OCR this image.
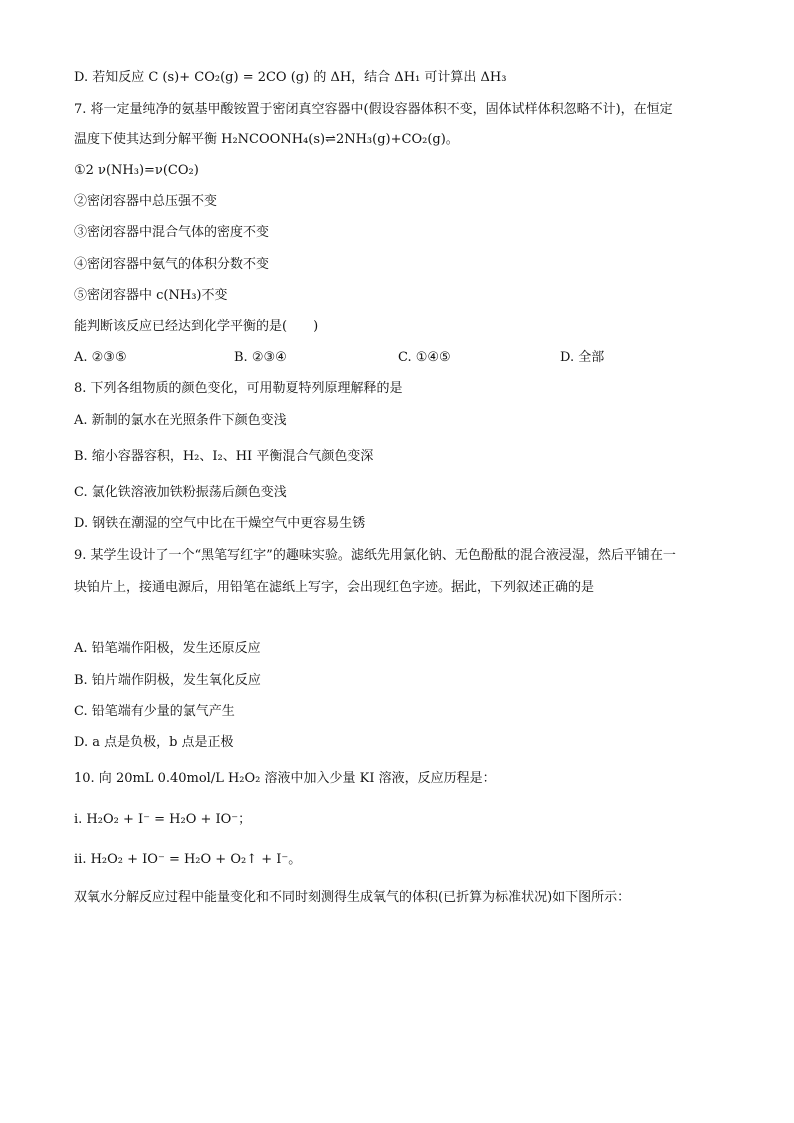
D. 若知反应 C (s)+ CO₂(g) = 2CO (g) 的 ΔH，结合 ΔH₁ 可计算出 ΔH₃
7. 将一定量纯净的氨基甲酸铵置于密闭真空容器中(假设容器体积不变，固体试样体积忽略不计)，在恒定
温度下使其达到分解平衡 H₂NCOONH₄(s)⇌2NH₃(g)+CO₂(g)。
①2 ν(NH₃)=ν(CO₂)
②密闭容器中总压强不变
③密闭容器中混合气体的密度不变
④密闭容器中氨气的体积分数不变
⑤密闭容器中 c(NH₃)不变
能判断该反应已经达到化学平衡的是(　　)
A. ②③⑤	B. ②③④	C. ①④⑤	D. 全部
8. 下列各组物质的颜色变化，可用勒夏特列原理解释的是
A. 新制的氯水在光照条件下颜色变浅
B. 缩小容器容积，H₂、I₂、HI 平衡混合气颜色变深
C. 氯化铁溶液加铁粉振荡后颜色变浅
D. 钢铁在潮湿的空气中比在干燥空气中更容易生锈
9. 某学生设计了一个“黑笔写红字”的趣味实验。滤纸先用氯化钠、无色酚酞的混合液浸湿，然后平铺在一
块铂片上，接通电源后，用铅笔在滤纸上写字，会出现红色字迹。据此，下列叙述正确的是
A. 铅笔端作阳极，发生还原反应
B. 铂片端作阴极，发生氧化反应
C. 铅笔端有少量的氯气产生
D. a 点是负极，b 点是正极
10. 向 20mL 0.40mol/L H₂O₂ 溶液中加入少量 KI 溶液，反应历程是：
ⅰ. H₂O₂ + I⁻ = H₂O + IO⁻；
ⅱ. H₂O₂ + IO⁻ = H₂O + O₂↑ + I⁻。
双氧水分解反应过程中能量变化和不同时刻测得生成氧气的体积(已折算为标准状况)如下图所示：
